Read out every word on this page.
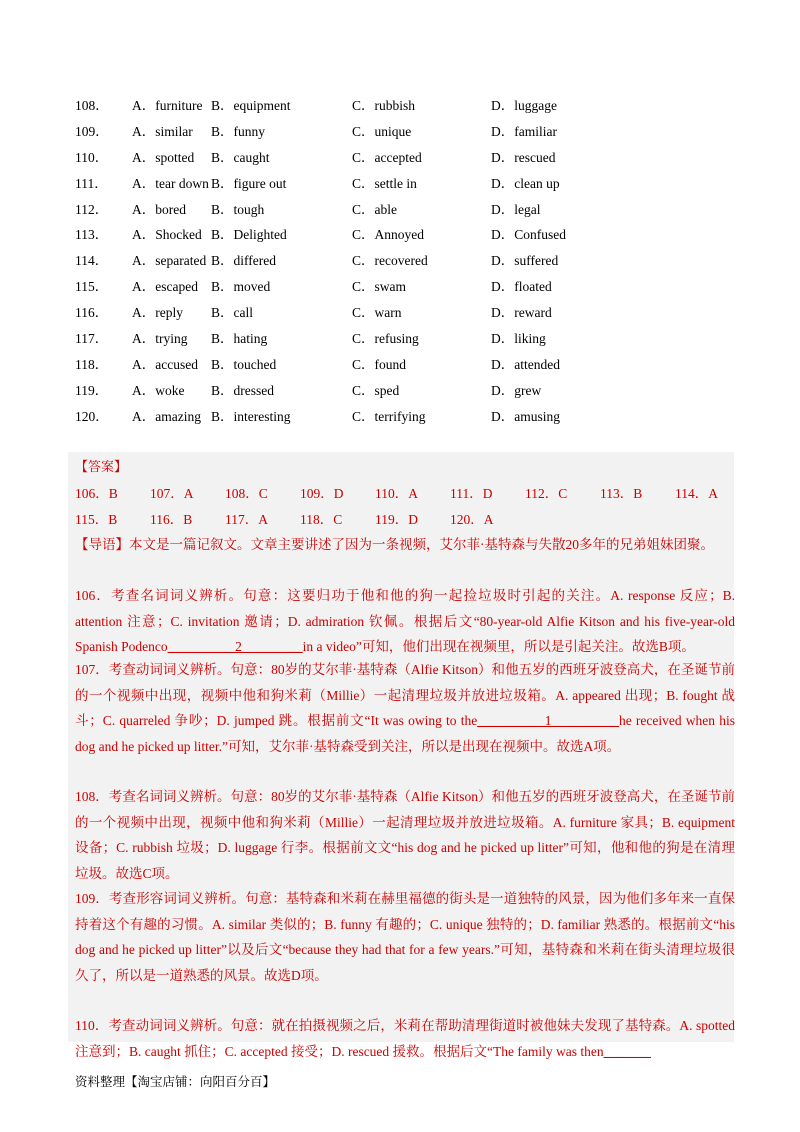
108． A．furniture B．equipment	C．rubbish	D．luggage
109． A．similar B．funny	C．unique	D．familiar
110． A．spotted B．caught	C．accepted	D．rescued
111． A．tear down B．figure out	C．settle in	D．clean up
112． A．bored B．tough	C．able	D．legal
113． A．Shocked B．Delighted	C．Annoyed	D．Confused
114． A．separated B．differed	C．recovered	D．suffered
115． A．escaped B．moved	C．swam	D．floated
116． A．reply B．call	C．warn	D．reward
117． A．trying B．hating	C．refusing	D．liking
118． A．accused B．touched	C．found	D．attended
119． A．woke B．dressed	C．sped	D．grew
120． A．amazing B．interesting	C．terrifying	D．amusing
【答案】
106．B 107．A 108．C 109．D 110．A 111．D 112．C 113．B 114．A
115．B 116．B 117．A 118．C 119．D 120．A
【导语】本文是一篇记叙文。文章主要讲述了因为一条视频，艾尔菲·基特森与失散20多年的兄弟姐妹团聚。
106．考查名词词义辨析。句意：这要归功于他和他的狗一起捡垃圾时引起的关注。A. response 反应；B. attention 注意；C. invitation 邀请；D. admiration 钦佩。根据后文“80-year-old Alfie Kitson and his five-year-old Spanish Podenco__________2_________in a video”可知，他们出现在视频里，所以是引起关注。故选B项。
107．考查动词词义辨析。句意：80岁的艾尔菲·基特森（Alfie Kitson）和他五岁的西班牙波登高犬，在圣诞节前的一个视频中出现，视频中他和狗米莉（Millie）一起清理垃圾并放进垃圾箱。A. appeared 出现；B. fought 战斗；C. quarreled 争吵；D. jumped 跳。根据前文“It was owing to the__________1__________he received when his dog and he picked up litter.”可知，艾尔菲·基特森受到关注，所以是出现在视频中。故选A项。
108．考查名词词义辨析。句意：80岁的艾尔菲·基特森（Alfie Kitson）和他五岁的西班牙波登高犬，在圣诞节前的一个视频中出现，视频中他和狗米莉（Millie）一起清理垃圾并放进垃圾箱。A. furniture 家具；B. equipment 设备；C. rubbish 垃圾；D. luggage 行李。根据前文文“his dog and he picked up litter”可知，他和他的狗是在清理垃圾。故选C项。
109．考查形容词词义辨析。句意：基特森和米莉在赫里福德的街头是一道独特的风景，因为他们多年来一直保持着这个有趣的习惯。A. similar 类似的；B. funny 有趣的；C. unique 独特的；D. familiar 熟悉的。根据前文“his dog and he picked up litter”以及后文“because they had that for a few years.”可知，基特森和米莉在街头清理垃圾很久了，所以是一道熟悉的风景。故选D项。
110．考查动词词义辨析。句意：就在拍摄视频之后，米莉在帮助清理街道时被他妹夫发现了基特森。A. spotted 注意到；B. caught 抓住；C. accepted 接受；D. rescued 援救。根据后文“The family was then_______
资料整理【淘宝店铺：向阳百分百】
